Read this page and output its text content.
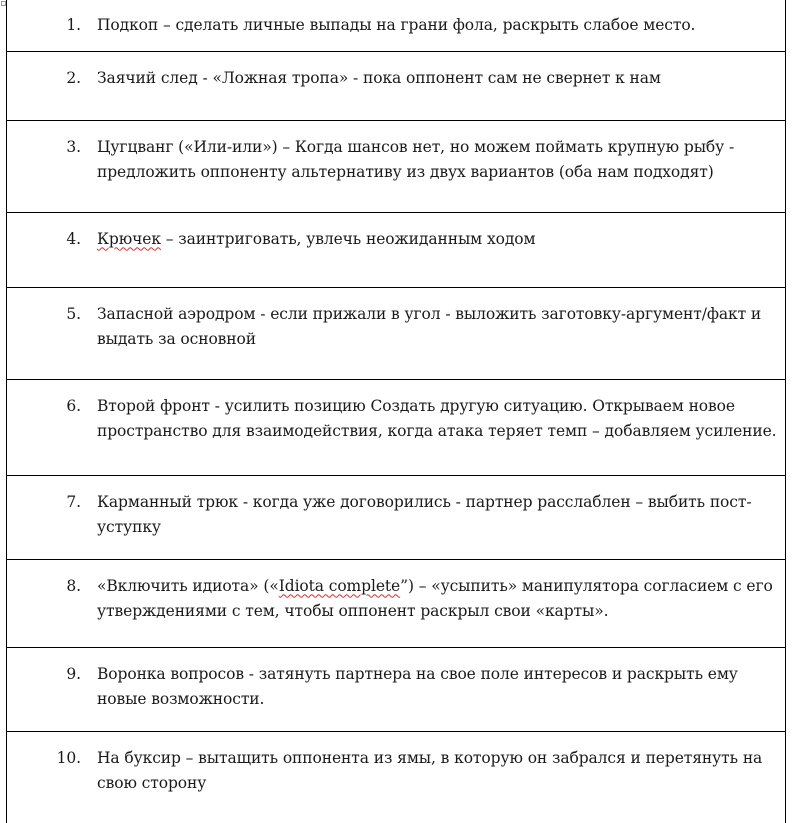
1.	Подкоп – сделать личные выпады на грани фола, раскрыть слабое место.

2.	Заячий след - «Ложная тропа» - пока оппонент сам не свернет к нам

3.	Цугцванг («Или-или») – Когда шансов нет, но можем поймать крупную рыбу - предложить оппоненту альтернативу из двух вариантов (оба нам подходят)

4.	Крючек – заинтриговать, увлечь неожиданным ходом

5.	Запасной аэродром - если прижали в угол - выложить заготовку-аргумент/факт и выдать за основной

6.	Второй фронт - усилить позицию Создать другую ситуацию. Открываем новое пространство для взаимодействия, когда атака теряет темп – добавляем усиление.

7.	Карманный трюк - когда уже договорились - партнер расслаблен – выбить пост-уступку

8.	«Включить идиота» («Idiota complete”) – «усыпить» манипулятора согласием с его утверждениями с тем, чтобы оппонент раскрыл свои «карты».

9.	Воронка вопросов - затянуть партнера на свое поле интересов и раскрыть ему новые возможности.

10.	На буксир – вытащить оппонента из ямы, в которую он забрался и перетянуть на свою сторону
